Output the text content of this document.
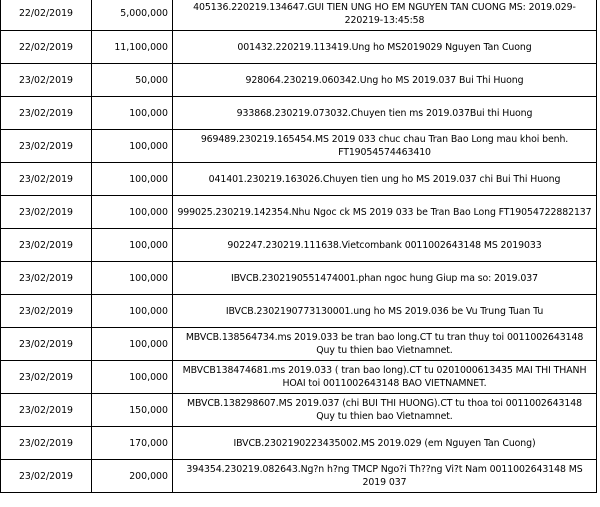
22/02/2019	5,000,000	405136.220219.134647.GUI TIEN UNG HO EM NGUYEN TAN CUONG MS: 2019.029-220219-13:45:58
22/02/2019	11,100,000	001432.220219.113419.Ung ho MS2019029 Nguyen Tan Cuong
23/02/2019	50,000	928064.230219.060342.Ung ho MS 2019.037 Bui Thi Huong
23/02/2019	100,000	933868.230219.073032.Chuyen tien ms 2019.037Bui thi Huong
23/02/2019	100,000	969489.230219.165454.MS 2019 033 chuc chau Tran Bao Long mau khoi benh. FT19054574463410
23/02/2019	100,000	041401.230219.163026.Chuyen tien ung ho MS 2019.037 chi Bui Thi Huong
23/02/2019	100,000	999025.230219.142354.Nhu Ngoc ck MS 2019 033 be Tran Bao Long FT19054722882137
23/02/2019	100,000	902247.230219.111638.Vietcombank 0011002643148 MS 2019033
23/02/2019	100,000	IBVCB.2302190551474001.phan ngoc hung Giup ma so: 2019.037
23/02/2019	100,000	IBVCB.2302190773130001.ung ho MS 2019.036 be Vu Trung Tuan Tu
23/02/2019	100,000	MBVCB.138564734.ms 2019.033 be tran bao long.CT tu tran thuy toi 0011002643148 Quy tu thien bao Vietnamnet.
23/02/2019	100,000	MBVCB138474681.ms 2019.033 ( tran bao long).CT tu 0201000613435 MAI THI THANH HOAI toi 0011002643148 BAO VIETNAMNET.
23/02/2019	150,000	MBVCB.138298607.MS 2019.037 (chi BUI THI HUONG).CT tu thoa toi 0011002643148 Quy tu thien bao Vietnamnet.
23/02/2019	170,000	IBVCB.2302190223435002.MS 2019.029 (em Nguyen Tan Cuong)
23/02/2019	200,000	394354.230219.082643.Ng?n h?ng TMCP Ngo?i Th??ng Vi?t Nam 0011002643148 MS 2019 037
